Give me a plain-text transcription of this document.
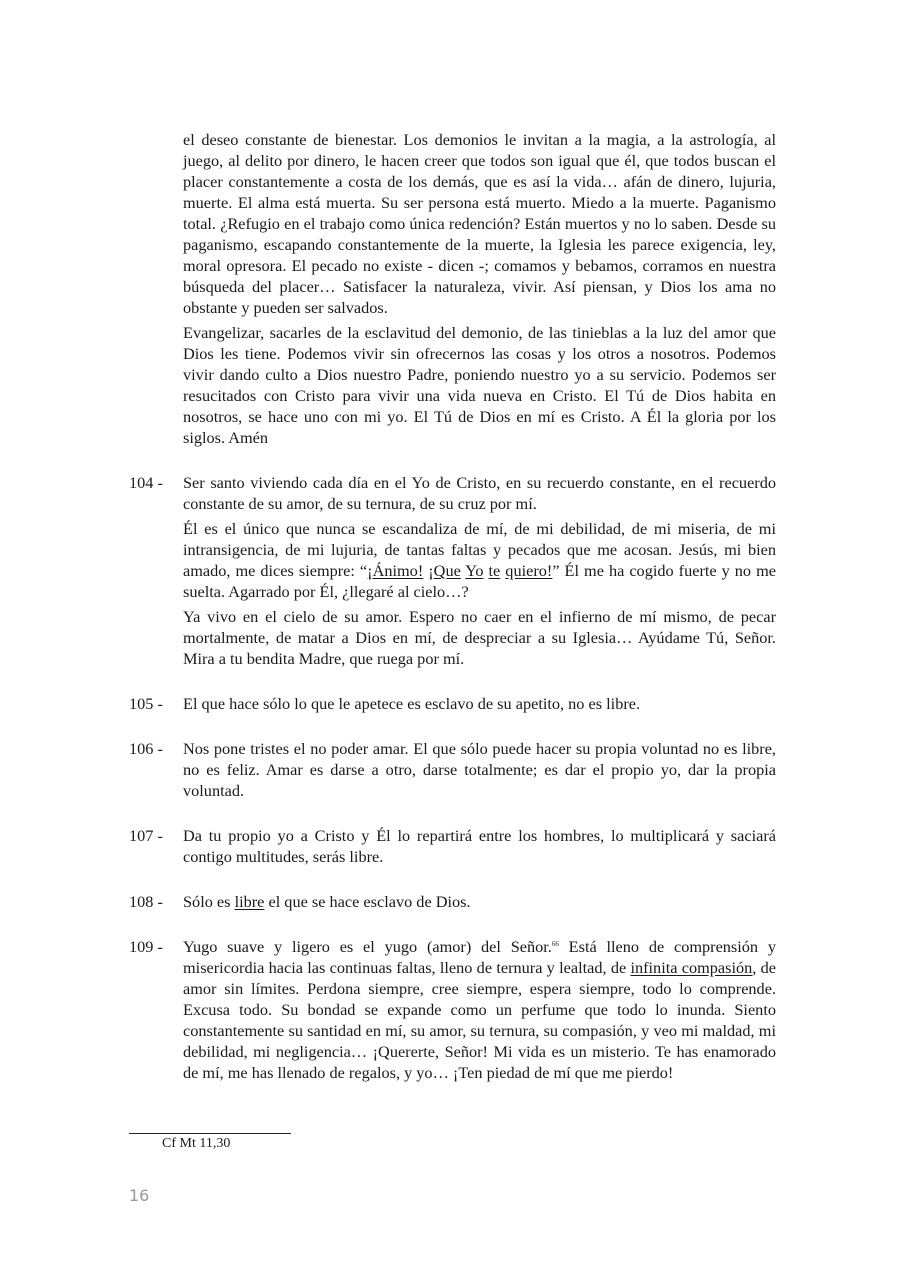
el deseo constante de bienestar. Los demonios le invitan a la magia, a la astrología, al juego, al delito por dinero, le hacen creer que todos son igual que él, que todos buscan el placer constantemente a costa de los demás, que es así la vida… afán de dinero, lujuria, muerte. El alma está muerta. Su ser persona está muerto. Miedo a la muerte. Paganismo total. ¿Refugio en el trabajo como única redención? Están muertos y no lo saben. Desde su paganismo, escapando constantemente de la muerte, la Iglesia les parece exigencia, ley, moral opresora. El pecado no existe - dicen -; comamos y bebamos, corramos en nuestra búsqueda del placer… Satisfacer la naturaleza, vivir. Así piensan, y Dios los ama no obstante y pueden ser salvados.

Evangelizar, sacarles de la esclavitud del demonio, de las tinieblas a la luz del amor que Dios les tiene. Podemos vivir sin ofrecernos las cosas y los otros a nosotros. Podemos vivir dando culto a Dios nuestro Padre, poniendo nuestro yo a su servicio. Podemos ser resucitados con Cristo para vivir una vida nueva en Cristo. El Tú de Dios habita en nosotros, se hace uno con mi yo. El Tú de Dios en mí es Cristo. A Él la gloria por los siglos. Amén

104 -	Ser santo viviendo cada día en el Yo de Cristo, en su recuerdo constante, en el recuerdo constante de su amor, de su ternura, de su cruz por mí.

Él es el único que nunca se escandaliza de mí, de mi debilidad, de mi miseria, de mi intransigencia, de mi lujuria, de tantas faltas y pecados que me acosan. Jesús, mi bien amado, me dices siempre: “¡Ánimo! ¡Que Yo te quiero!” Él me ha cogido fuerte y no me suelta. Agarrado por Él, ¿llegaré al cielo…?

Ya vivo en el cielo de su amor. Espero no caer en el infierno de mí mismo, de pecar mortalmente, de matar a Dios en mí, de despreciar a su Iglesia… Ayúdame Tú, Señor. Mira a tu bendita Madre, que ruega por mí.

105 -	El que hace sólo lo que le apetece es esclavo de su apetito, no es libre.

106 -	Nos pone tristes el no poder amar. El que sólo puede hacer su propia voluntad no es libre, no es feliz. Amar es darse a otro, darse totalmente; es dar el propio yo, dar la propia voluntad.

107 -	Da tu propio yo a Cristo y Él lo repartirá entre los hombres, lo multiplicará y saciará contigo multitudes, serás libre.

108 -	Sólo es libre el que se hace esclavo de Dios.

109 -	Yugo suave y ligero es el yugo (amor) del Señor.$^{66}$ Está lleno de comprensión y misericordia hacia las continuas faltas, lleno de ternura y lealtad, de infinita compasión, de amor sin límites. Perdona siempre, cree siempre, espera siempre, todo lo comprende. Excusa todo. Su bondad se expande como un perfume que todo lo inunda. Siento constantemente su santidad en mí, su amor, su ternura, su compasión, y veo mi maldad, mi debilidad, mi negligencia… ¡Quererte, Señor! Mi vida es un misterio. Te has enamorado de mí, me has llenado de regalos, y yo… ¡Ten piedad de mí que me pierdo!

Cf Mt 11,30
16
